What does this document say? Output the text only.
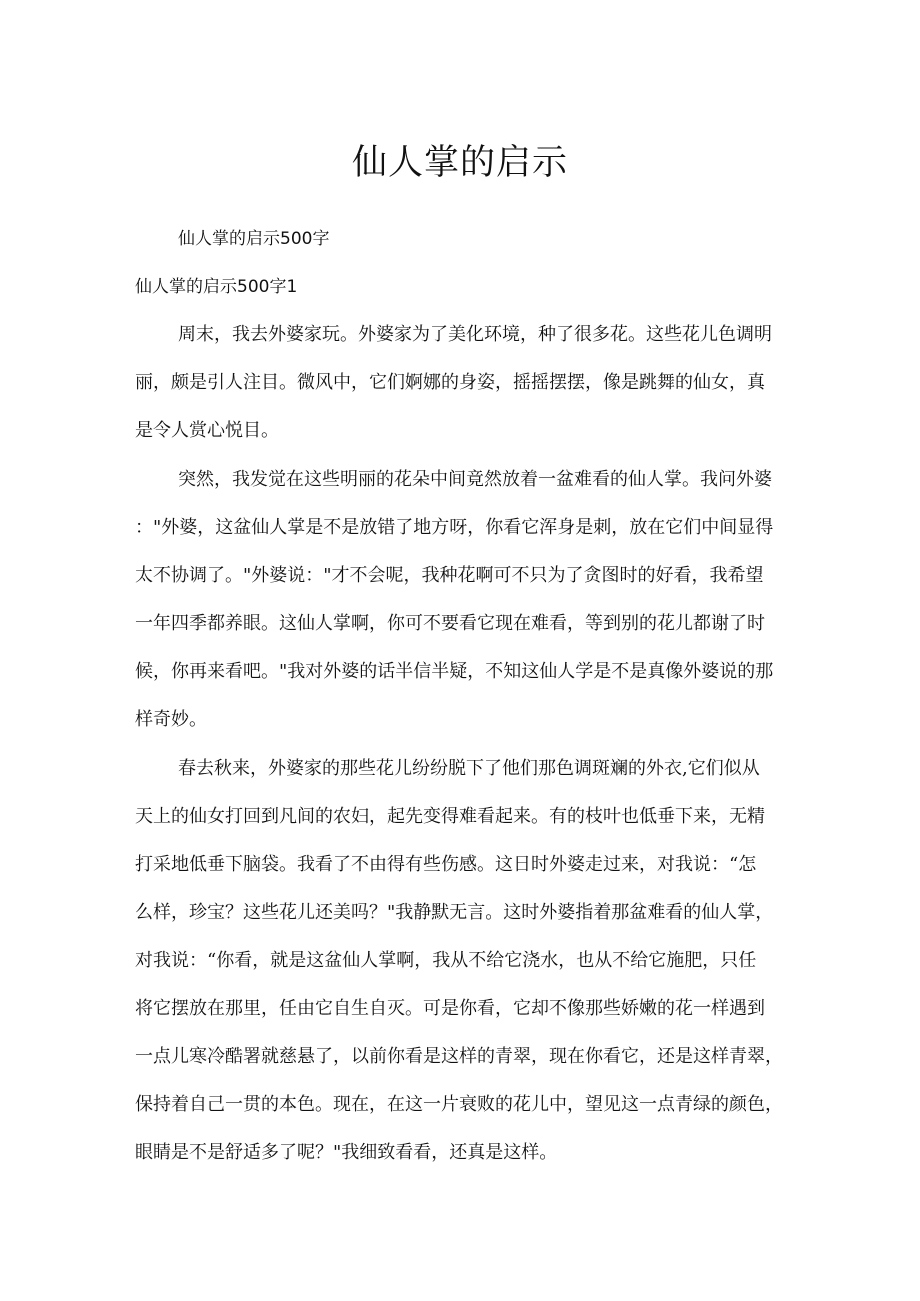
仙人掌的启示

仙人掌的启示500字

仙人掌的启示500字1

周末，我去外婆家玩。外婆家为了美化环境，种了很多花。这些花儿色调明
丽，颇是引人注目。微风中，它们婀娜的身姿，摇摇摆摆，像是跳舞的仙女，真
是令人赏心悦目。
突然，我发觉在这些明丽的花朵中间竟然放着一盆难看的仙人掌。我问外婆
："外婆，这盆仙人掌是不是放错了地方呀，你看它浑身是刺，放在它们中间显得
太不协调了。"外婆说："才不会呢，我种花啊可不只为了贪图时的好看，我希望
一年四季都养眼。这仙人掌啊，你可不要看它现在难看，等到别的花儿都谢了时
候，你再来看吧。"我对外婆的话半信半疑，不知这仙人学是不是真像外婆说的那
样奇妙。
春去秋来，外婆家的那些花儿纷纷脱下了他们那色调斑斓的外衣,它们似从
天上的仙女打回到凡间的农妇，起先变得难看起来。有的枝叶也低垂下来，无精
打采地低垂下脑袋。我看了不由得有些伤感。这日时外婆走过来，对我说：“怎
么样，珍宝？这些花儿还美吗？"我静默无言。这时外婆指着那盆难看的仙人掌，
对我说：“你看，就是这盆仙人掌啊，我从不给它浇水，也从不给它施肥，只任
将它摆放在那里，任由它自生自灭。可是你看，它却不像那些娇嫩的花一样遇到
一点儿寒冷酷署就慈悬了，以前你看是这样的青翠，现在你看它，还是这样青翠，
保持着自己一贯的本色。现在，在这一片衰败的花儿中，望见这一点青绿的颜色，
眼睛是不是舒适多了呢？"我细致看看，还真是这样。
